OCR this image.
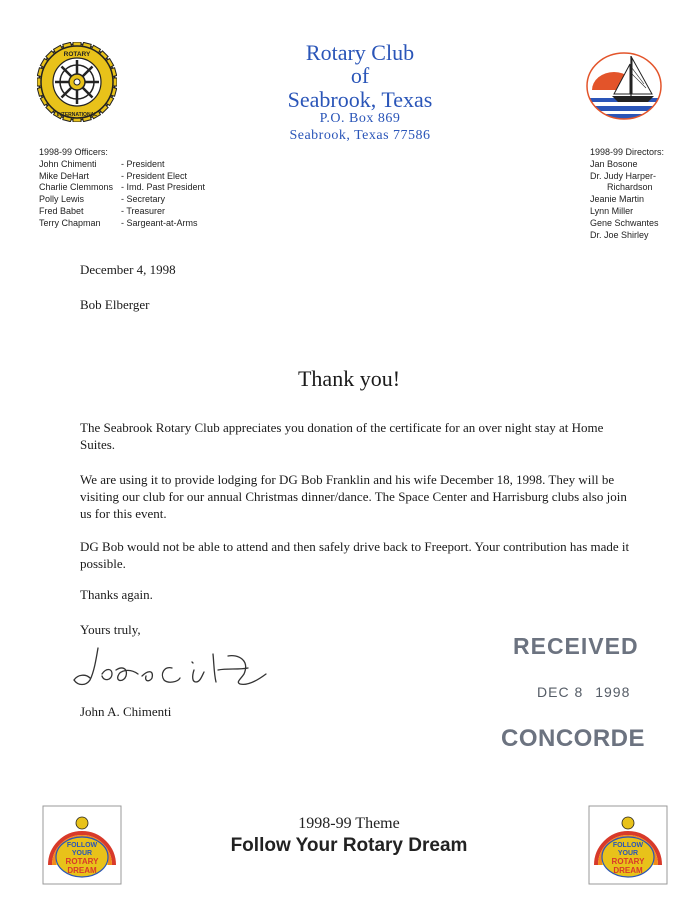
ROTARY
INTERNATIONAL
Rotary Club
of
Seabrook, Texas
P.O. Box 869
Seabrook, Texas 77586
1998-99 Officers:
John Chimenti	- President
Mike DeHart	- President Elect
Charlie Clemmons - Imd. Past President
Polly Lewis	- Secretary
Fred Babet	- Treasurer
Terry Chapman	- Sargeant-at-Arms
1998-99 Directors:
Jan Bosone
Dr. Judy Harper-
Richardson
Jeanie Martin
Lynn Miller
Gene Schwantes
Dr. Joe Shirley
December 4, 1998
Bob Elberger
Thank you!
The Seabrook Rotary Club appreciates you donation of the certificate for an over night stay at Home Suites.
We are using it to provide lodging for DG Bob Franklin and his wife December 18, 1998. They will be visiting our club for our annual Christmas dinner/dance. The Space Center and Harrisburg clubs also join us for this event.
DG Bob would not be able to attend and then safely drive back to Freeport. Your contribution has made it possible.
Thanks again.
Yours truly,
John A. Chimenti
RECEIVED
DEC 8 1998
CONCORDE
FOLLOW
YOUR
ROTARY
DREAM
1998-99 Theme
Follow Your Rotary Dream	FOLLOW
YOUR
ROTARY
DREAM
